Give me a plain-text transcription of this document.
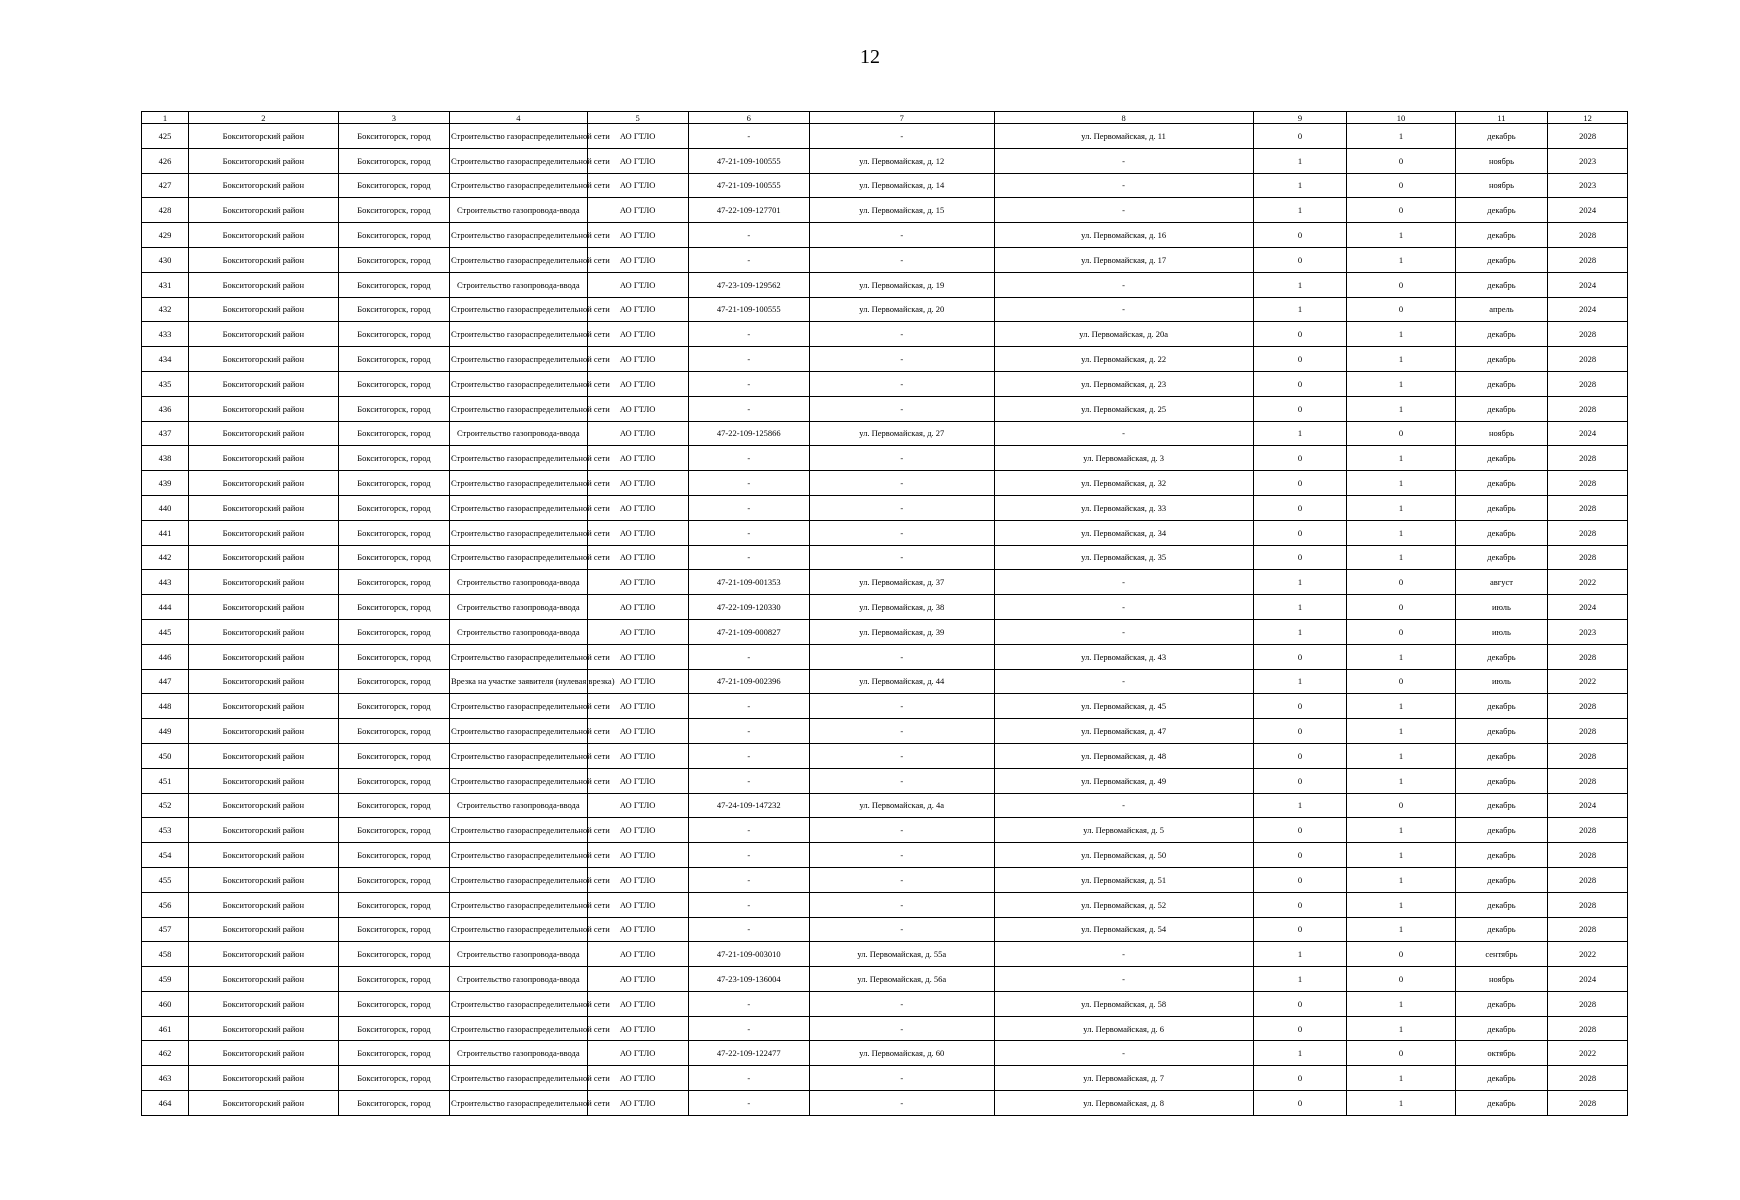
12
1	2	3	4	5	6	7	8	9	10	11	12
425	Бокситогорский район	Бокситогорск, город	Строительство газораспределительной сети	АО ГТЛО	-	-	ул. Первомайская, д. 11	0	1	декабрь	2028
426	Бокситогорский район	Бокситогорск, город	Строительство газораспределительной сети	АО ГТЛО	47-21-109-100555	ул. Первомайская, д. 12	-	1	0	ноябрь	2023
427	Бокситогорский район	Бокситогорск, город	Строительство газораспределительной сети	АО ГТЛО	47-21-109-100555	ул. Первомайская, д. 14	-	1	0	ноябрь	2023
428	Бокситогорский район	Бокситогорск, город	Строительство газопровода-ввода	АО ГТЛО	47-22-109-127701	ул. Первомайская, д. 15	-	1	0	декабрь	2024
429	Бокситогорский район	Бокситогорск, город	Строительство газораспределительной сети	АО ГТЛО	-	-	ул. Первомайская, д. 16	0	1	декабрь	2028
430	Бокситогорский район	Бокситогорск, город	Строительство газораспределительной сети	АО ГТЛО	-	-	ул. Первомайская, д. 17	0	1	декабрь	2028
431	Бокситогорский район	Бокситогорск, город	Строительство газопровода-ввода	АО ГТЛО	47-23-109-129562	ул. Первомайская, д. 19	-	1	0	декабрь	2024
432	Бокситогорский район	Бокситогорск, город	Строительство газораспределительной сети	АО ГТЛО	47-21-109-100555	ул. Первомайская, д. 20	-	1	0	апрель	2024
433	Бокситогорский район	Бокситогорск, город	Строительство газораспределительной сети	АО ГТЛО	-	-	ул. Первомайская, д. 20а	0	1	декабрь	2028
434	Бокситогорский район	Бокситогорск, город	Строительство газораспределительной сети	АО ГТЛО	-	-	ул. Первомайская, д. 22	0	1	декабрь	2028
435	Бокситогорский район	Бокситогорск, город	Строительство газораспределительной сети	АО ГТЛО	-	-	ул. Первомайская, д. 23	0	1	декабрь	2028
436	Бокситогорский район	Бокситогорск, город	Строительство газораспределительной сети	АО ГТЛО	-	-	ул. Первомайская, д. 25	0	1	декабрь	2028
437	Бокситогорский район	Бокситогорск, город	Строительство газопровода-ввода	АО ГТЛО	47-22-109-125866	ул. Первомайская, д. 27	-	1	0	ноябрь	2024
438	Бокситогорский район	Бокситогорск, город	Строительство газораспределительной сети	АО ГТЛО	-	-	ул. Первомайская, д. 3	0	1	декабрь	2028
439	Бокситогорский район	Бокситогорск, город	Строительство газораспределительной сети	АО ГТЛО	-	-	ул. Первомайская, д. 32	0	1	декабрь	2028
440	Бокситогорский район	Бокситогорск, город	Строительство газораспределительной сети	АО ГТЛО	-	-	ул. Первомайская, д. 33	0	1	декабрь	2028
441	Бокситогорский район	Бокситогорск, город	Строительство газораспределительной сети	АО ГТЛО	-	-	ул. Первомайская, д. 34	0	1	декабрь	2028
442	Бокситогорский район	Бокситогорск, город	Строительство газораспределительной сети	АО ГТЛО	-	-	ул. Первомайская, д. 35	0	1	декабрь	2028
443	Бокситогорский район	Бокситогорск, город	Строительство газопровода-ввода	АО ГТЛО	47-21-109-001353	ул. Первомайская, д. 37	-	1	0	август	2022
444	Бокситогорский район	Бокситогорск, город	Строительство газопровода-ввода	АО ГТЛО	47-22-109-120330	ул. Первомайская, д. 38	-	1	0	июль	2024
445	Бокситогорский район	Бокситогорск, город	Строительство газопровода-ввода	АО ГТЛО	47-21-109-000827	ул. Первомайская, д. 39	-	1	0	июль	2023
446	Бокситогорский район	Бокситогорск, город	Строительство газораспределительной сети	АО ГТЛО	-	-	ул. Первомайская, д. 43	0	1	декабрь	2028
447	Бокситогорский район	Бокситогорск, город	Врезка на участке заявителя (нулевая врезка)	АО ГТЛО	47-21-109-002396	ул. Первомайская, д. 44	-	1	0	июль	2022
448	Бокситогорский район	Бокситогорск, город	Строительство газораспределительной сети	АО ГТЛО	-	-	ул. Первомайская, д. 45	0	1	декабрь	2028
449	Бокситогорский район	Бокситогорск, город	Строительство газораспределительной сети	АО ГТЛО	-	-	ул. Первомайская, д. 47	0	1	декабрь	2028
450	Бокситогорский район	Бокситогорск, город	Строительство газораспределительной сети	АО ГТЛО	-	-	ул. Первомайская, д. 48	0	1	декабрь	2028
451	Бокситогорский район	Бокситогорск, город	Строительство газораспределительной сети	АО ГТЛО	-	-	ул. Первомайская, д. 49	0	1	декабрь	2028
452	Бокситогорский район	Бокситогорск, город	Строительство газопровода-ввода	АО ГТЛО	47-24-109-147232	ул. Первомайская, д. 4а	-	1	0	декабрь	2024
453	Бокситогорский район	Бокситогорск, город	Строительство газораспределительной сети	АО ГТЛО	-	-	ул. Первомайская, д. 5	0	1	декабрь	2028
454	Бокситогорский район	Бокситогорск, город	Строительство газораспределительной сети	АО ГТЛО	-	-	ул. Первомайская, д. 50	0	1	декабрь	2028
455	Бокситогорский район	Бокситогорск, город	Строительство газораспределительной сети	АО ГТЛО	-	-	ул. Первомайская, д. 51	0	1	декабрь	2028
456	Бокситогорский район	Бокситогорск, город	Строительство газораспределительной сети	АО ГТЛО	-	-	ул. Первомайская, д. 52	0	1	декабрь	2028
457	Бокситогорский район	Бокситогорск, город	Строительство газораспределительной сети	АО ГТЛО	-	-	ул. Первомайская, д. 54	0	1	декабрь	2028
458	Бокситогорский район	Бокситогорск, город	Строительство газопровода-ввода	АО ГТЛО	47-21-109-003010	ул. Первомайская, д. 55а	-	1	0	сентябрь	2022
459	Бокситогорский район	Бокситогорск, город	Строительство газопровода-ввода	АО ГТЛО	47-23-109-136004	ул. Первомайская, д. 56а	-	1	0	ноябрь	2024
460	Бокситогорский район	Бокситогорск, город	Строительство газораспределительной сети	АО ГТЛО	-	-	ул. Первомайская, д. 58	0	1	декабрь	2028
461	Бокситогорский район	Бокситогорск, город	Строительство газораспределительной сети	АО ГТЛО	-	-	ул. Первомайская, д. 6	0	1	декабрь	2028
462	Бокситогорский район	Бокситогорск, город	Строительство газопровода-ввода	АО ГТЛО	47-22-109-122477	ул. Первомайская, д. 60	-	1	0	октябрь	2022
463	Бокситогорский район	Бокситогорск, город	Строительство газораспределительной сети	АО ГТЛО	-	-	ул. Первомайская, д. 7	0	1	декабрь	2028
464	Бокситогорский район	Бокситогорск, город	Строительство газораспределительной сети	АО ГТЛО	-	-	ул. Первомайская, д. 8	0	1	декабрь	2028
